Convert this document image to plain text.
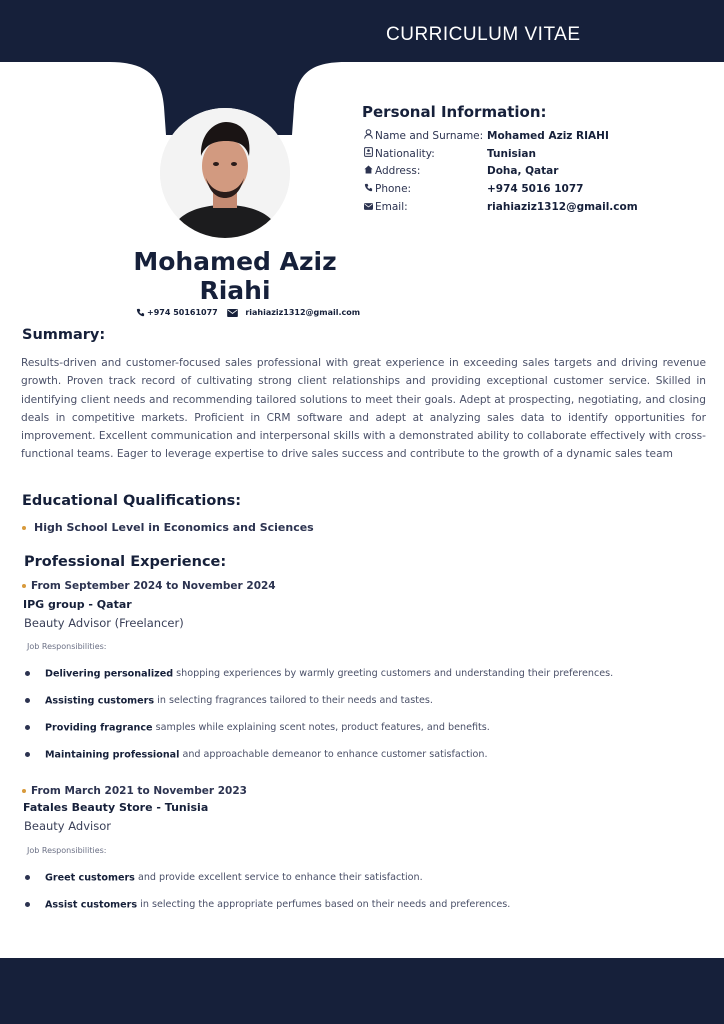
CURRICULUM VITAE
Mohamed Aziz
Riahi
+974 50161077	riahiaziz1312@gmail.com
Personal Information:
Name and Surname: Mohamed Aziz RIAHI
Nationality:	Tunisian
Address:	Doha, Qatar
Phone:	+974 5016 1077
Email:	riahiaziz1312@gmail.com
Summary:
Results-driven and customer-focused sales professional with great experience in exceeding sales targets and driving revenue growth. Proven track record of cultivating strong client relationships and providing exceptional customer service. Skilled in identifying client needs and recommending tailored solutions to meet their goals. Adept at prospecting, negotiating, and closing deals in competitive markets. Proficient in CRM software and adept at analyzing sales data to identify opportunities for improvement. Excellent communication and interpersonal skills with a demonstrated ability to collaborate effectively with cross-functional teams. Eager to leverage expertise to drive sales success and contribute to the growth of a dynamic sales team
Educational Qualifications:
High School Level in Economics and Sciences
Professional Experience:
From September 2024 to November 2024
IPG group - Qatar
Beauty Advisor (Freelancer)
Job Responsibilities:
Delivering personalized shopping experiences by warmly greeting customers and understanding their preferences.
Assisting customers in selecting fragrances tailored to their needs and tastes.
Providing fragrance samples while explaining scent notes, product features, and benefits.
Maintaining professional and approachable demeanor to enhance customer satisfaction.
From March 2021 to November 2023
Fatales Beauty Store - Tunisia
Beauty Advisor
Job Responsibilities:
Greet customers and provide excellent service to enhance their satisfaction.
Assist customers in selecting the appropriate perfumes based on their needs and preferences.
